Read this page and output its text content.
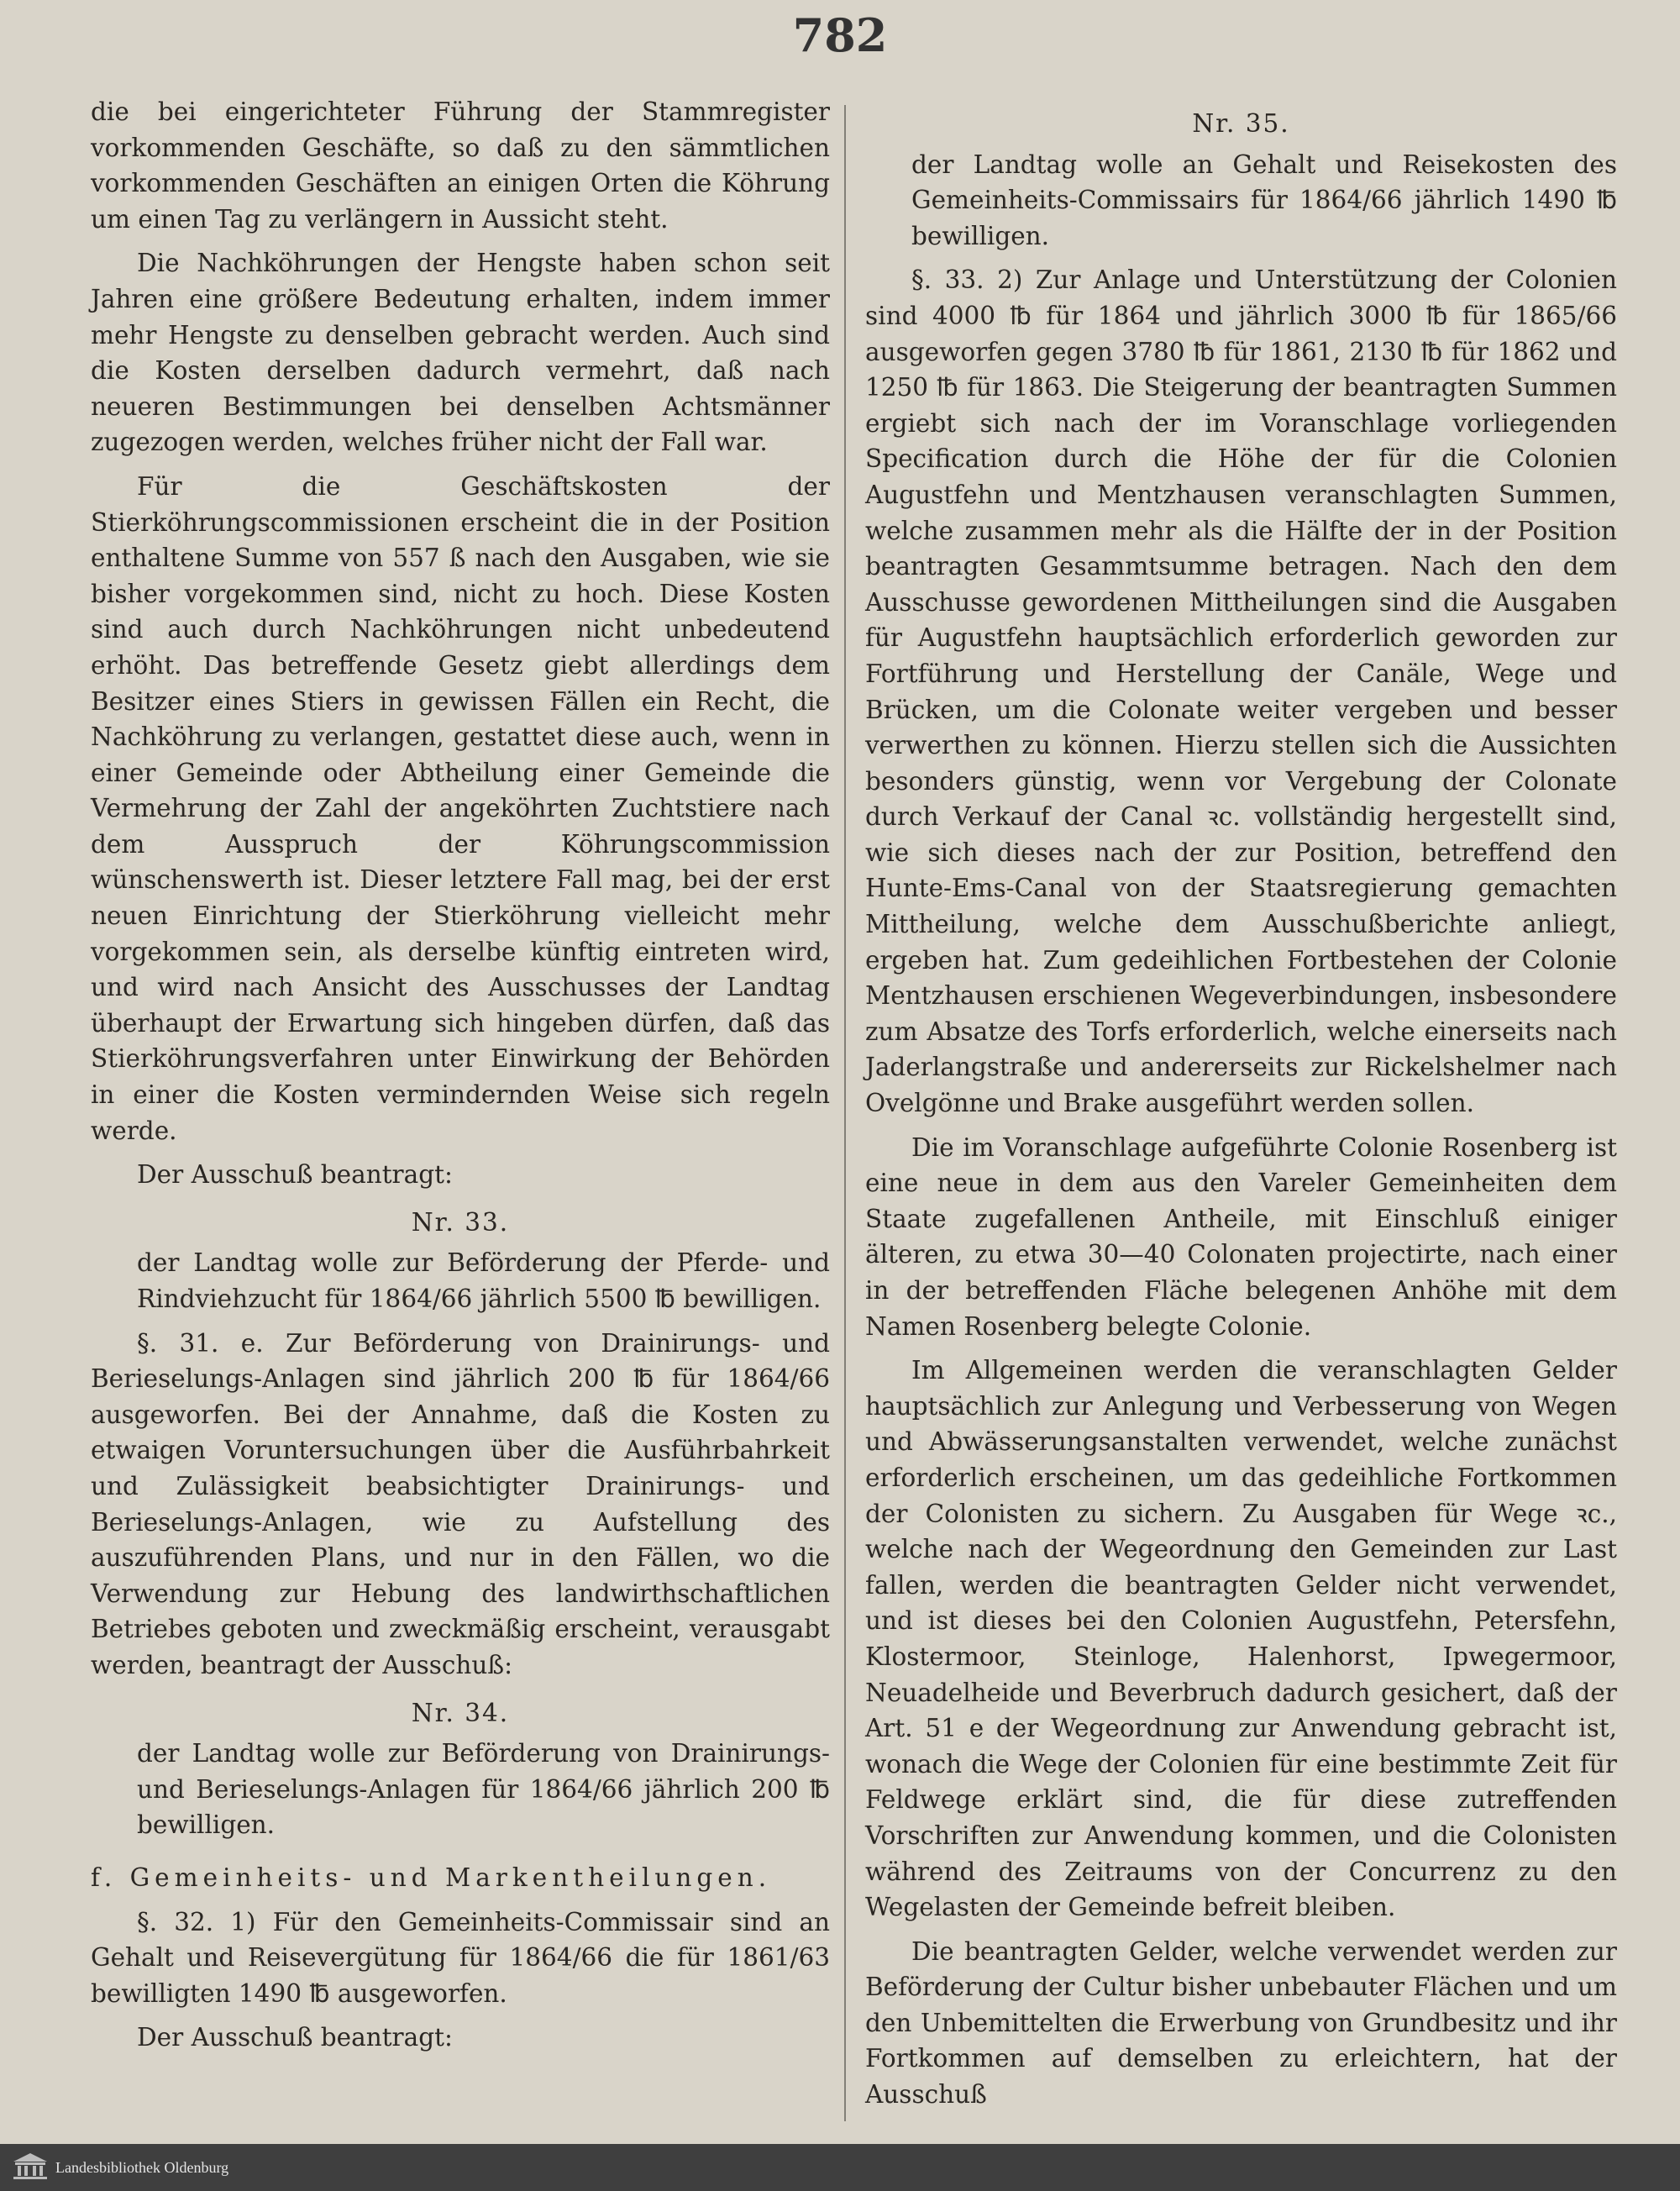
782

die bei eingerichteter Führung der Stammregister vorkommenden Geschäfte, so daß zu den sämmtlichen vorkommenden Geschäften an einigen Orten die Köhrung um einen Tag zu verlängern in Aussicht steht.

Die Nachköhrungen der Hengste haben schon seit Jahren eine größere Bedeutung erhalten, indem immer mehr Hengste zu denselben gebracht werden. Auch sind die Kosten derselben dadurch vermehrt, daß nach neueren Bestimmungen bei denselben Achtsmänner zugezogen werden, welches früher nicht der Fall war.

Für die Geschäftskosten der Stierköhrungscommissionen erscheint die in der Position enthaltene Summe von 557 ß nach den Ausgaben, wie sie bisher vorgekommen sind, nicht zu hoch. Diese Kosten sind auch durch Nachköhrungen nicht unbedeutend erhöht. Das betreffende Gesetz giebt allerdings dem Besitzer eines Stiers in gewissen Fällen ein Recht, die Nachköhrung zu verlangen, gestattet diese auch, wenn in einer Gemeinde oder Abtheilung einer Gemeinde die Vermehrung der Zahl der angeköhrten Zuchtstiere nach dem Ausspruch der Köhrungscommission wünschenswerth ist. Dieser letztere Fall mag, bei der erst neuen Einrichtung der Stierköhrung vielleicht mehr vorgekommen sein, als derselbe künftig eintreten wird, und wird nach Ansicht des Ausschusses der Landtag überhaupt der Erwartung sich hingeben dürfen, daß das Stierköhrungsverfahren unter Einwirkung der Behörden in einer die Kosten vermindernden Weise sich regeln werde.

Der Ausschuß beantragt:

Nr. 33.

der Landtag wolle zur Beförderung der Pferde- und Rindviehzucht für 1864/66 jährlich 5500 ℔ bewilligen.

§. 31. e. Zur Beförderung von Drainirungs- und Berieselungs-Anlagen sind jährlich 200 ℔ für 1864/66 ausgeworfen. Bei der Annahme, daß die Kosten zu etwaigen Voruntersuchungen über die Ausführbahrkeit und Zulässigkeit beabsichtigter Drainirungs- und Berieselungs-Anlagen, wie zu Aufstellung des auszuführenden Plans, und nur in den Fällen, wo die Verwendung zur Hebung des landwirthschaftlichen Betriebes geboten und zweckmäßig erscheint, verausgabt werden, beantragt der Ausschuß:

Nr. 34.

der Landtag wolle zur Beförderung von Drainirungs- und Berieselungs-Anlagen für 1864/66 jährlich 200 ℔ bewilligen.

f. Gemeinheits- und Markentheilungen.

§. 32. 1) Für den Gemeinheits-Commissair sind an Gehalt und Reisevergütung für 1864/66 die für 1861/63 bewilligten 1490 ℔ ausgeworfen.

Der Ausschuß beantragt:

Nr. 35.

der Landtag wolle an Gehalt und Reisekosten des Gemeinheits-Commissairs für 1864/66 jährlich 1490 ℔ bewilligen.

§. 33. 2) Zur Anlage und Unterstützung der Colonien sind 4000 ℔ für 1864 und jährlich 3000 ℔ für 1865/66 ausgeworfen gegen 3780 ℔ für 1861, 2130 ℔ für 1862 und 1250 ℔ für 1863. Die Steigerung der beantragten Summen ergiebt sich nach der im Voranschlage vorliegenden Specification durch die Höhe der für die Colonien Augustfehn und Mentzhausen veranschlagten Summen, welche zusammen mehr als die Hälfte der in der Position beantragten Gesammtsumme betragen. Nach den dem Ausschusse gewordenen Mittheilungen sind die Ausgaben für Augustfehn hauptsächlich erforderlich geworden zur Fortführung und Herstellung der Canäle, Wege und Brücken, um die Colonate weiter vergeben und besser verwerthen zu können. Hierzu stellen sich die Aussichten besonders günstig, wenn vor Vergebung der Colonate durch Verkauf der Canal ꝛc. vollständig hergestellt sind, wie sich dieses nach der zur Position, betreffend den Hunte-Ems-Canal von der Staatsregierung gemachten Mittheilung, welche dem Ausschußberichte anliegt, ergeben hat. Zum gedeihlichen Fortbestehen der Colonie Mentzhausen erschienen Wegeverbindungen, insbesondere zum Absatze des Torfs erforderlich, welche einerseits nach Jaderlangstraße und andererseits zur Rickelshelmer nach Ovelgönne und Brake ausgeführt werden sollen.

Die im Voranschlage aufgeführte Colonie Rosenberg ist eine neue in dem aus den Vareler Gemeinheiten dem Staate zugefallenen Antheile, mit Einschluß einiger älteren, zu etwa 30—40 Colonaten projectirte, nach einer in der betreffenden Fläche belegenen Anhöhe mit dem Namen Rosenberg belegte Colonie.

Im Allgemeinen werden die veranschlagten Gelder hauptsächlich zur Anlegung und Verbesserung von Wegen und Abwässerungsanstalten verwendet, welche zunächst erforderlich erscheinen, um das gedeihliche Fortkommen der Colonisten zu sichern. Zu Ausgaben für Wege ꝛc., welche nach der Wegeordnung den Gemeinden zur Last fallen, werden die beantragten Gelder nicht verwendet, und ist dieses bei den Colonien Augustfehn, Petersfehn, Klostermoor, Steinloge, Halenhorst, Ipwegermoor, Neuadelheide und Beverbruch dadurch gesichert, daß der Art. 51 e der Wegeordnung zur Anwendung gebracht ist, wonach die Wege der Colonien für eine bestimmte Zeit für Feldwege erklärt sind, die für diese zutreffenden Vorschriften zur Anwendung kommen, und die Colonisten während des Zeitraums von der Concurrenz zu den Wegelasten der Gemeinde befreit bleiben.

Die beantragten Gelder, welche verwendet werden zur Beförderung der Cultur bisher unbebauter Flächen und um den Unbemittelten die Erwerbung von Grundbesitz und ihr Fortkommen auf demselben zu erleichtern, hat der Ausschuß

Landesbibliothek Oldenburg
